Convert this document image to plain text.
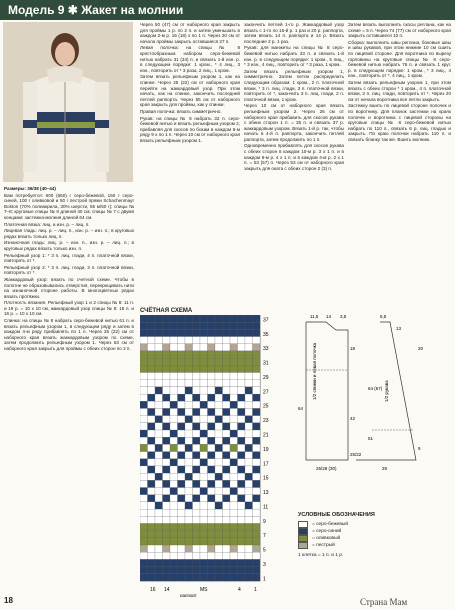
Модель 9 ✱ Жакет на молнии

Размеры: 36/38 (40–44)

Вам потребуется: 600 (650) г серо-бежевой, 150 г серо-синей, 100 г оливковой и 50 г пестрой пряжи Schachenmayr Boston (70% полиакрила, 30% шерсти, 55 м/50 г); спицы № 7–8; круговые спицы № 8 длиной 40 см; спицы № 7 с двумя концами; застежка-молния длиной 64 см.

Платочная вязка: лиц. и изн. р. – лиц. п.

Лицевая гладь: лиц. р. – лиц. п., изн. р. – изн. п.; в круговых рядах вязать только лиц. п.

Изнаночная гладь: лиц. р. – изн. п., изн. р. – лиц. п.; в круговых рядах вязать только изн. п.

Рельефный узор 1: * 3 п. лиц. глади, 4 п. платочной вязки, повторять от *.

Рельефный узор 2: * 3 п. лиц. глади, 3 п. платочной вязки, повторять от *.

Жаккардовый узор: вязать по счетной схеме. Чтобы в полотне не образовывались отверстия, перекрещивать нити на изнаночной стороне работы. В многоцветных рядах вязать протяжки.

Плотность вязания. Рельефный узор 1 и 2 спицы № 8: 11 п. и 19 р. = 10 х 10 см, жаккардовый узор спицы № 8: 16 п. и 16 р. = 10 х 10 см.

Спинка: на спицы № 8 набрать серо-бежевой нитью 61 п. и вязать рельефным узором 1, в следующем ряду и затем в каждом 4-м ряду прибавлять по 1 п. Через 25 (22) см от наборного края вязать жаккардовым узором по схеме, затем продолжить рельефным узором 1. Через 53 см от наборного края закрыть для проймы с обеих сторон по 2 п.

Через 50 (47) см от наборного края закрыть для проймы 1 р. по 2 п. и затем уменьшать в каждом 2-м р. 16 (18) х по 1 п. Через 20 см от начала проймы закрыть оставшиеся 27 п.

Левая полочка: на спицы № 8 крестообразным набором серо-бежевой нитью набрать 31 (34) п. и связать 1-й изн. р. в следующем порядке: 1 кром., * 4 лиц., 3 изн., повторить от * 3 раза, 2 лиц., 1 кром.

Затем вязать рельефным узором 1, как на спинке. Через 25 (22) см от наборного края перейти на жаккардовый узор. При этом начать, как на спинке, закончить последней петлей раппорта. Через 55 см от наборного края закрыть для проймы, как у спинки.

Правая полочка: вязать симметрично.

Рукав: на спицы № 8 набрать 32 п. серо-бежевой нитью и вязать рельефным узором 2, прибавляя для скосов по бокам в каждом 6-м ряду 9 х по 1 п. Через 10 см от наборного края вязать рельефным узором 1.

закончить петлей 1-го р. Жаккардовый узор вязать с 1-го по 15-й р. 1 раз и 20 р. раппорта, затем вязать 14 п. раппорта и 14 р. Вязать последние 2 р. 1 раз.

Рукав: для манжеты на спицы № 8 серо-бежевой нитью набрать 33 п. и связать 1-й изн. р. в следующем порядке: 1 кром., 5 лиц., * 3 изн., 4 лиц., повторить от * 3 раза, 1 кром.

Затем вязать рельефным узором 1, симметрично. Затем петли распределить следующим образом: 1 кром., 2 п. платочной вязки, * 3 п. лиц. глади, 3 п. платочной вязки, повторить от *, закончить 3 п. лиц. глади, 2 п. платочной вязки, 1 кром.

Через 10 см от наборного края вязать рельефным узором 2. Через 26 см от наборного края прибавить для скосов рукава с обеих сторон 1 п. = 35 п. и связать 37 р. жаккардовым узором. Вязать 1-й р. так, чтобы начать в 4-й п. раппорта, закончить петлей раппорта, затем продолжить по 1 п.

Одновременно прибавлять для скосов рукава с обеих сторон в каждом 10-м р. 3 х 1 п. и в каждом 6-м р. 4 х 1 п. и в каждом 4-м р. 2 х 1 п. = 53 (57) п. Через 53 см от наборного края закрыть для оката с обеих сторон 2 (3) п.

Затем вязать выполнить скосы реглана, как на схеме = 5 п. Через 74 (77) см от наборного края закрыть оставшиеся 10 п.

Сборка: выполнить швы реглана, боковые швы и швы рукавов, при этом нижние 10 см сшить по лицевой стороне. Для воротника по вырезу горловины на круговые спицы № 8 серо-бежевой нитью набрать 76 п. и связать 1 круг. р. в следующем порядке: 1 кром., * 3 лиц., 4 изн., повторить от *, 4 лиц., 1 кром.

Затем вязать рельефным узором 1, при этом вязать с обеих сторон * 1 кром., 4 п. платочной вязки, 3 п. лиц. глади, повторить от *. Через 20 см от начала воротника все петли закрыть.

Застежку вшить по лицевой стороне полочек и по воротнику. Для планок застежки на краях полочек и воротника с лицевой стороны на круговые спицы № 8 серо-бежевой нитью набрать по 110 п., связать 6 р. лиц. гладью и закрыть. По краю полочки набрать 110 п. и связать бланку так же. Вшить молнию.

СЧЁТНАЯ СХЕМА
37
35
33
31
29
27
25
23
21
19
17
15
13
11
9
7
5
3
1
16 14	МS	4	1
раппорт
11,5 14 3,5	5,5
1/2 спинки и левая полочка	1/2 рукава
64
18
42
25/22
64 (67)
51
20
9
25/28 (30)	29
13
УСЛОВНЫЕ ОБОЗНАЧЕНИЯ
= серо-бежевый
= серо-синий
= оливковый
= пестрый
1 клетка = 1 п. и 1 р.
18	Страна Мам
